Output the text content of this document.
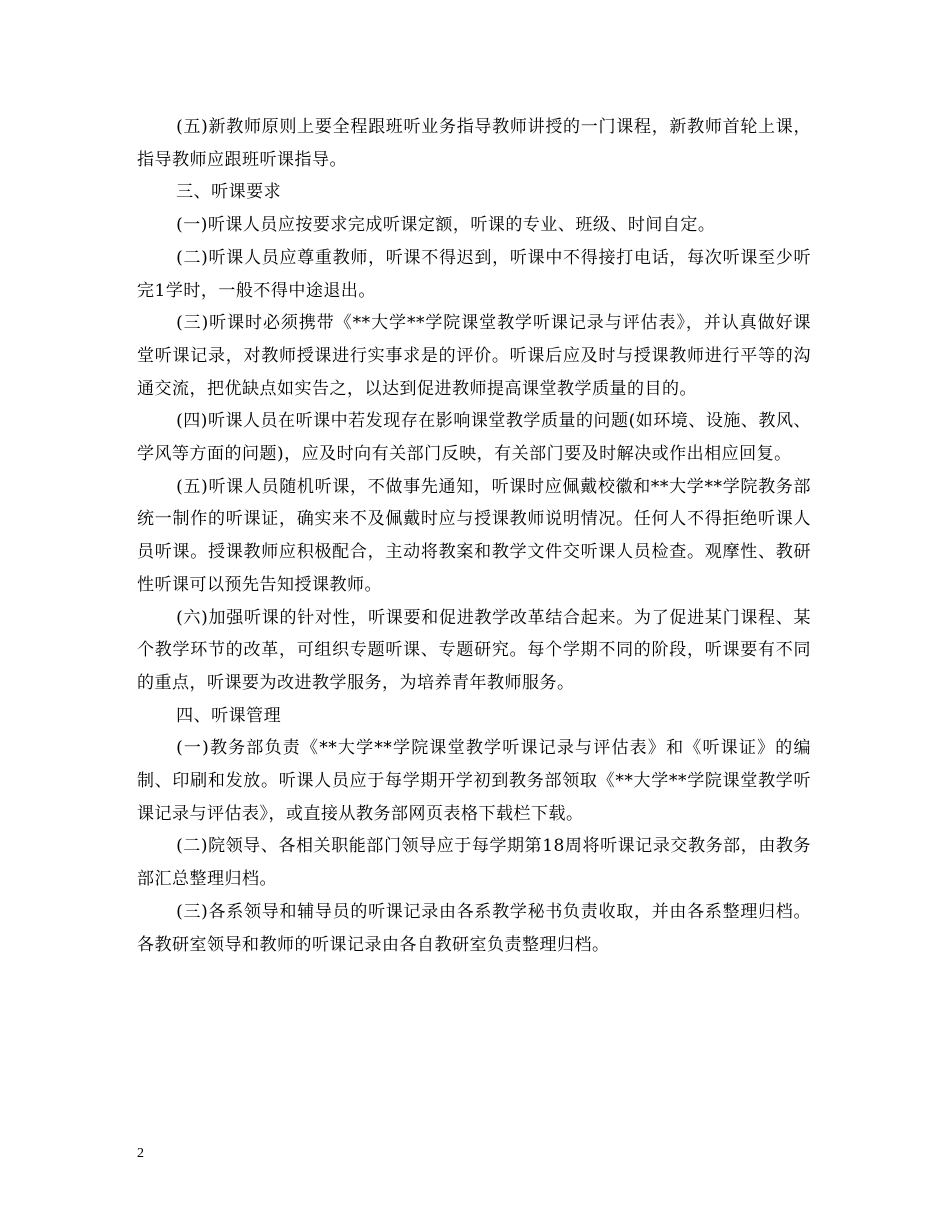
(五)新教师原则上要全程跟班听业务指导教师讲授的一门课程，新教师首轮上课，指导教师应跟班听课指导。

三、听课要求

(一)听课人员应按要求完成听课定额，听课的专业、班级、时间自定。

(二)听课人员应尊重教师，听课不得迟到，听课中不得接打电话，每次听课至少听完1学时，一般不得中途退出。

(三)听课时必须携带《**大学**学院课堂教学听课记录与评估表》，并认真做好课堂听课记录，对教师授课进行实事求是的评价。听课后应及时与授课教师进行平等的沟通交流，把优缺点如实告之，以达到促进教师提高课堂教学质量的目的。

(四)听课人员在听课中若发现存在影响课堂教学质量的问题(如环境、设施、教风、学风等方面的问题)，应及时向有关部门反映，有关部门要及时解决或作出相应回复。

(五)听课人员随机听课，不做事先通知，听课时应佩戴校徽和**大学**学院教务部统一制作的听课证，确实来不及佩戴时应与授课教师说明情况。任何人不得拒绝听课人员听课。授课教师应积极配合，主动将教案和教学文件交听课人员检查。观摩性、教研性听课可以预先告知授课教师。

(六)加强听课的针对性，听课要和促进教学改革结合起来。为了促进某门课程、某个教学环节的改革，可组织专题听课、专题研究。每个学期不同的阶段，听课要有不同的重点，听课要为改进教学服务，为培养青年教师服务。

四、听课管理

(一)教务部负责《**大学**学院课堂教学听课记录与评估表》和《听课证》的编制、印刷和发放。听课人员应于每学期开学初到教务部领取《**大学**学院课堂教学听课记录与评估表》，或直接从教务部网页表格下载栏下载。

(二)院领导、各相关职能部门领导应于每学期第18周将听课记录交教务部，由教务部汇总整理归档。

(三)各系领导和辅导员的听课记录由各系教学秘书负责收取，并由各系整理归档。各教研室领导和教师的听课记录由各自教研室负责整理归档。

2
